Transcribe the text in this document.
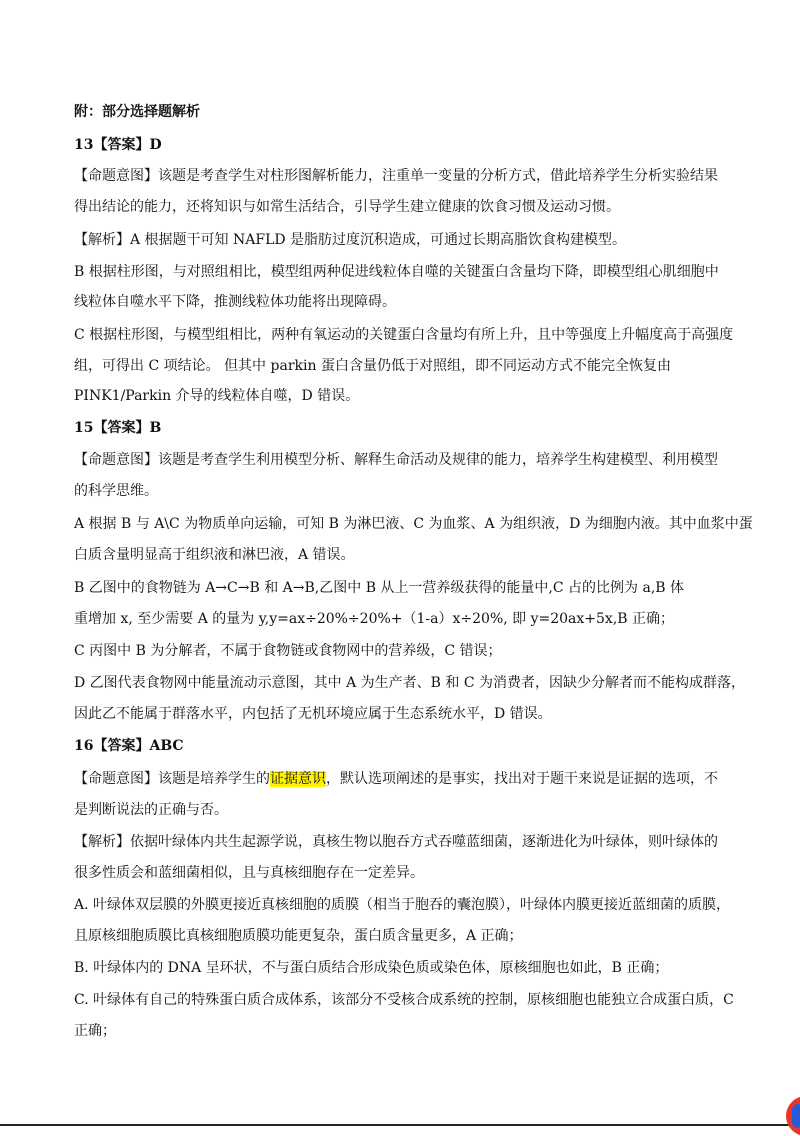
附：部分选择题解析
13【答案】D
【命题意图】该题是考查学生对柱形图解析能力，注重单一变量的分析方式，借此培养学生分析实验结果
得出结论的能力，还将知识与如常生活结合，引导学生建立健康的饮食习惯及运动习惯。
【解析】A 根据题干可知 NAFLD 是脂肪过度沉积造成，可通过长期高脂饮食构建模型。
B 根据柱形图，与对照组相比，模型组两种促进线粒体自噬的关键蛋白含量均下降，即模型组心肌细胞中
线粒体自噬水平下降，推测线粒体功能将出现障碍。
C 根据柱形图，与模型组相比，两种有氧运动的关键蛋白含量均有所上升，且中等强度上升幅度高于高强度
组，可得出 C 项结论。 但其中 parkin 蛋白含量仍低于对照组，即不同运动方式不能完全恢复由
PINK1/Parkin 介导的线粒体自噬，D 错误。
15【答案】B
【命题意图】该题是考查学生利用模型分析、解释生命活动及规律的能力，培养学生构建模型、利用模型
的科学思维。
A 根据 B 与 A\C 为物质单向运输，可知 B 为淋巴液、C 为血浆、A 为组织液，D 为细胞内液。其中血浆中蛋
白质含量明显高于组织液和淋巴液，A 错误。
B 乙图中的食物链为 A→C→B 和 A→B,乙图中 B 从上一营养级获得的能量中,C 占的比例为 a,B 体
重增加 x, 至少需要 A 的量为 y,y=ax÷20%÷20%+（1-a）x÷20%, 即 y=20ax+5x,B 正确；
C 丙图中 B 为分解者，不属于食物链或食物网中的营养级，C 错误；
D 乙图代表食物网中能量流动示意图，其中 A 为生产者、B 和 C 为消费者，因缺少分解者而不能构成群落，
因此乙不能属于群落水平，内包括了无机环境应属于生态系统水平，D 错误。
16【答案】ABC
【命题意图】该题是培养学生的证据意识，默认选项阐述的是事实，找出对于题干来说是证据的选项，不
是判断说法的正确与否。
【解析】依据叶绿体内共生起源学说，真核生物以胞吞方式吞噬蓝细菌，逐渐进化为叶绿体，则叶绿体的
很多性质会和蓝细菌相似，且与真核细胞存在一定差异。
A. 叶绿体双层膜的外膜更接近真核细胞的质膜（相当于胞吞的囊泡膜），叶绿体内膜更接近蓝细菌的质膜，
且原核细胞质膜比真核细胞质膜功能更复杂，蛋白质含量更多，A 正确；
B. 叶绿体内的 DNA 呈环状，不与蛋白质结合形成染色质或染色体，原核细胞也如此，B 正确；
C. 叶绿体有自己的特殊蛋白质合成体系，该部分不受核合成系统的控制，原核细胞也能独立合成蛋白质，C
正确；
